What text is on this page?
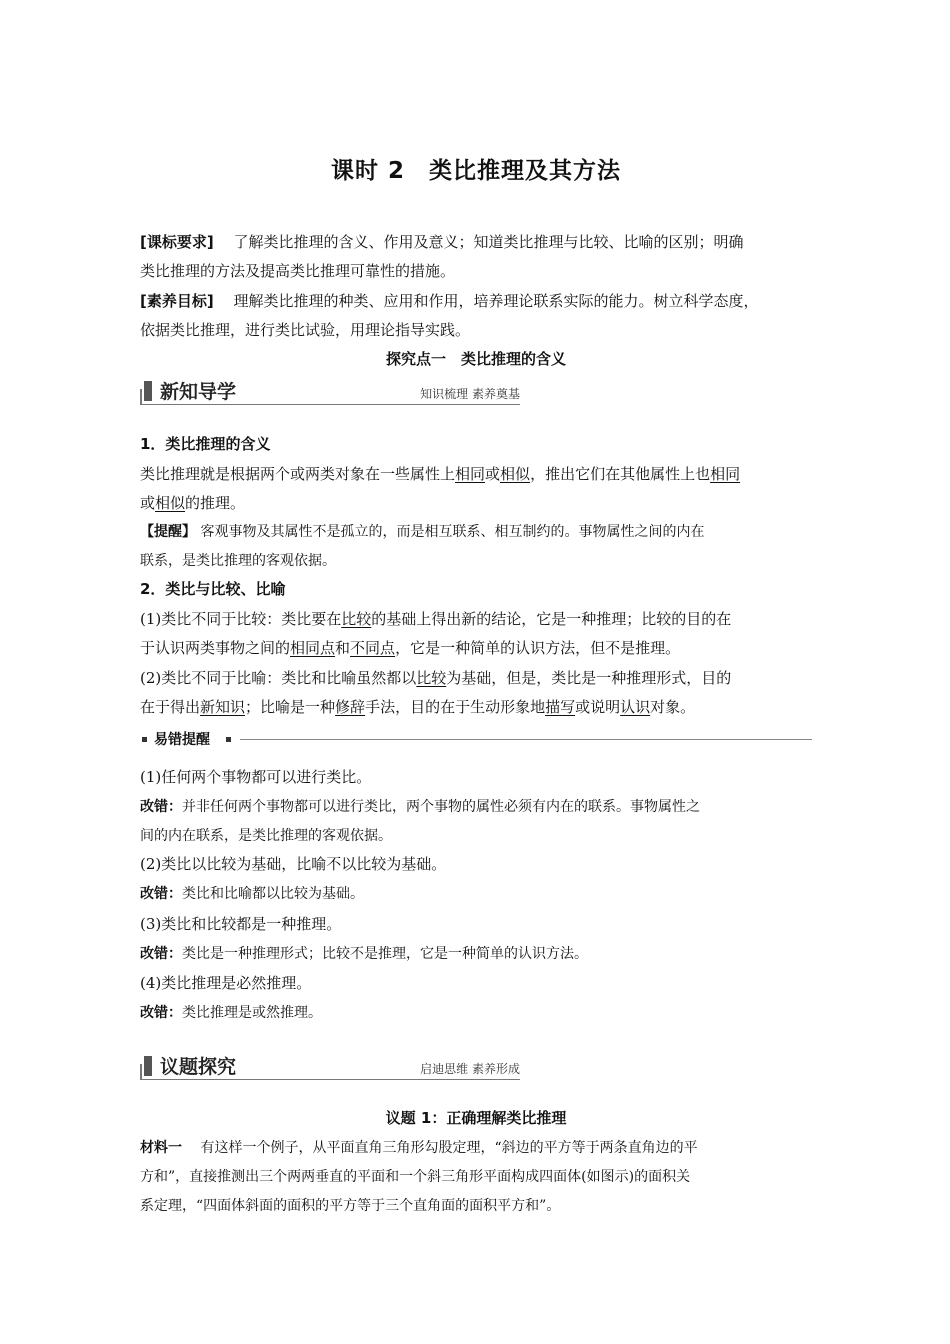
课时 2　类比推理及其方法
[课标要求]　 了解类比推理的含义、作用及意义；知道类比推理与比较、比喻的区别；明确
类比推理的方法及提高类比推理可靠性的措施。
[素养目标]　 理解类比推理的种类、应用和作用，培养理论联系实际的能力。树立科学态度，
依据类比推理，进行类比试验，用理论指导实践。
探究点一　类比推理的含义
新知导学	知识梳理 素养奠基
1．类比推理的含义
类比推理就是根据两个或两类对象在一些属性上相同或相似，推出它们在其他属性上也相同
或相似的推理。
【提醒】 客观事物及其属性不是孤立的，而是相互联系、相互制约的。事物属性之间的内在
联系，是类比推理的客观依据。
2．类比与比较、比喻
(1)类比不同于比较：类比要在比较的基础上得出新的结论，它是一种推理；比较的目的在
于认识两类事物之间的相同点和不同点，它是一种简单的认识方法，但不是推理。
(2)类比不同于比喻：类比和比喻虽然都以比较为基础，但是，类比是一种推理形式，目的
在于得出新知识；比喻是一种修辞手法，目的在于生动形象地描写或说明认识对象。
易错提醒
(1)任何两个事物都可以进行类比。
改错：并非任何两个事物都可以进行类比，两个事物的属性必须有内在的联系。事物属性之
间的内在联系，是类比推理的客观依据。
(2)类比以比较为基础，比喻不以比较为基础。
改错：类比和比喻都以比较为基础。
(3)类比和比较都是一种推理。
改错：类比是一种推理形式；比较不是推理，它是一种简单的认识方法。
(4)类比推理是必然推理。
改错：类比推理是或然推理。
议题探究	启迪思维 素养形成
议题 1：正确理解类比推理
材料一　 有这样一个例子，从平面直角三角形勾股定理，“斜边的平方等于两条直角边的平
方和”，直接推测出三个两两垂直的平面和一个斜三角形平面构成四面体(如图示)的面积关
系定理，“四面体斜面的面积的平方等于三个直角面的面积平方和”。
